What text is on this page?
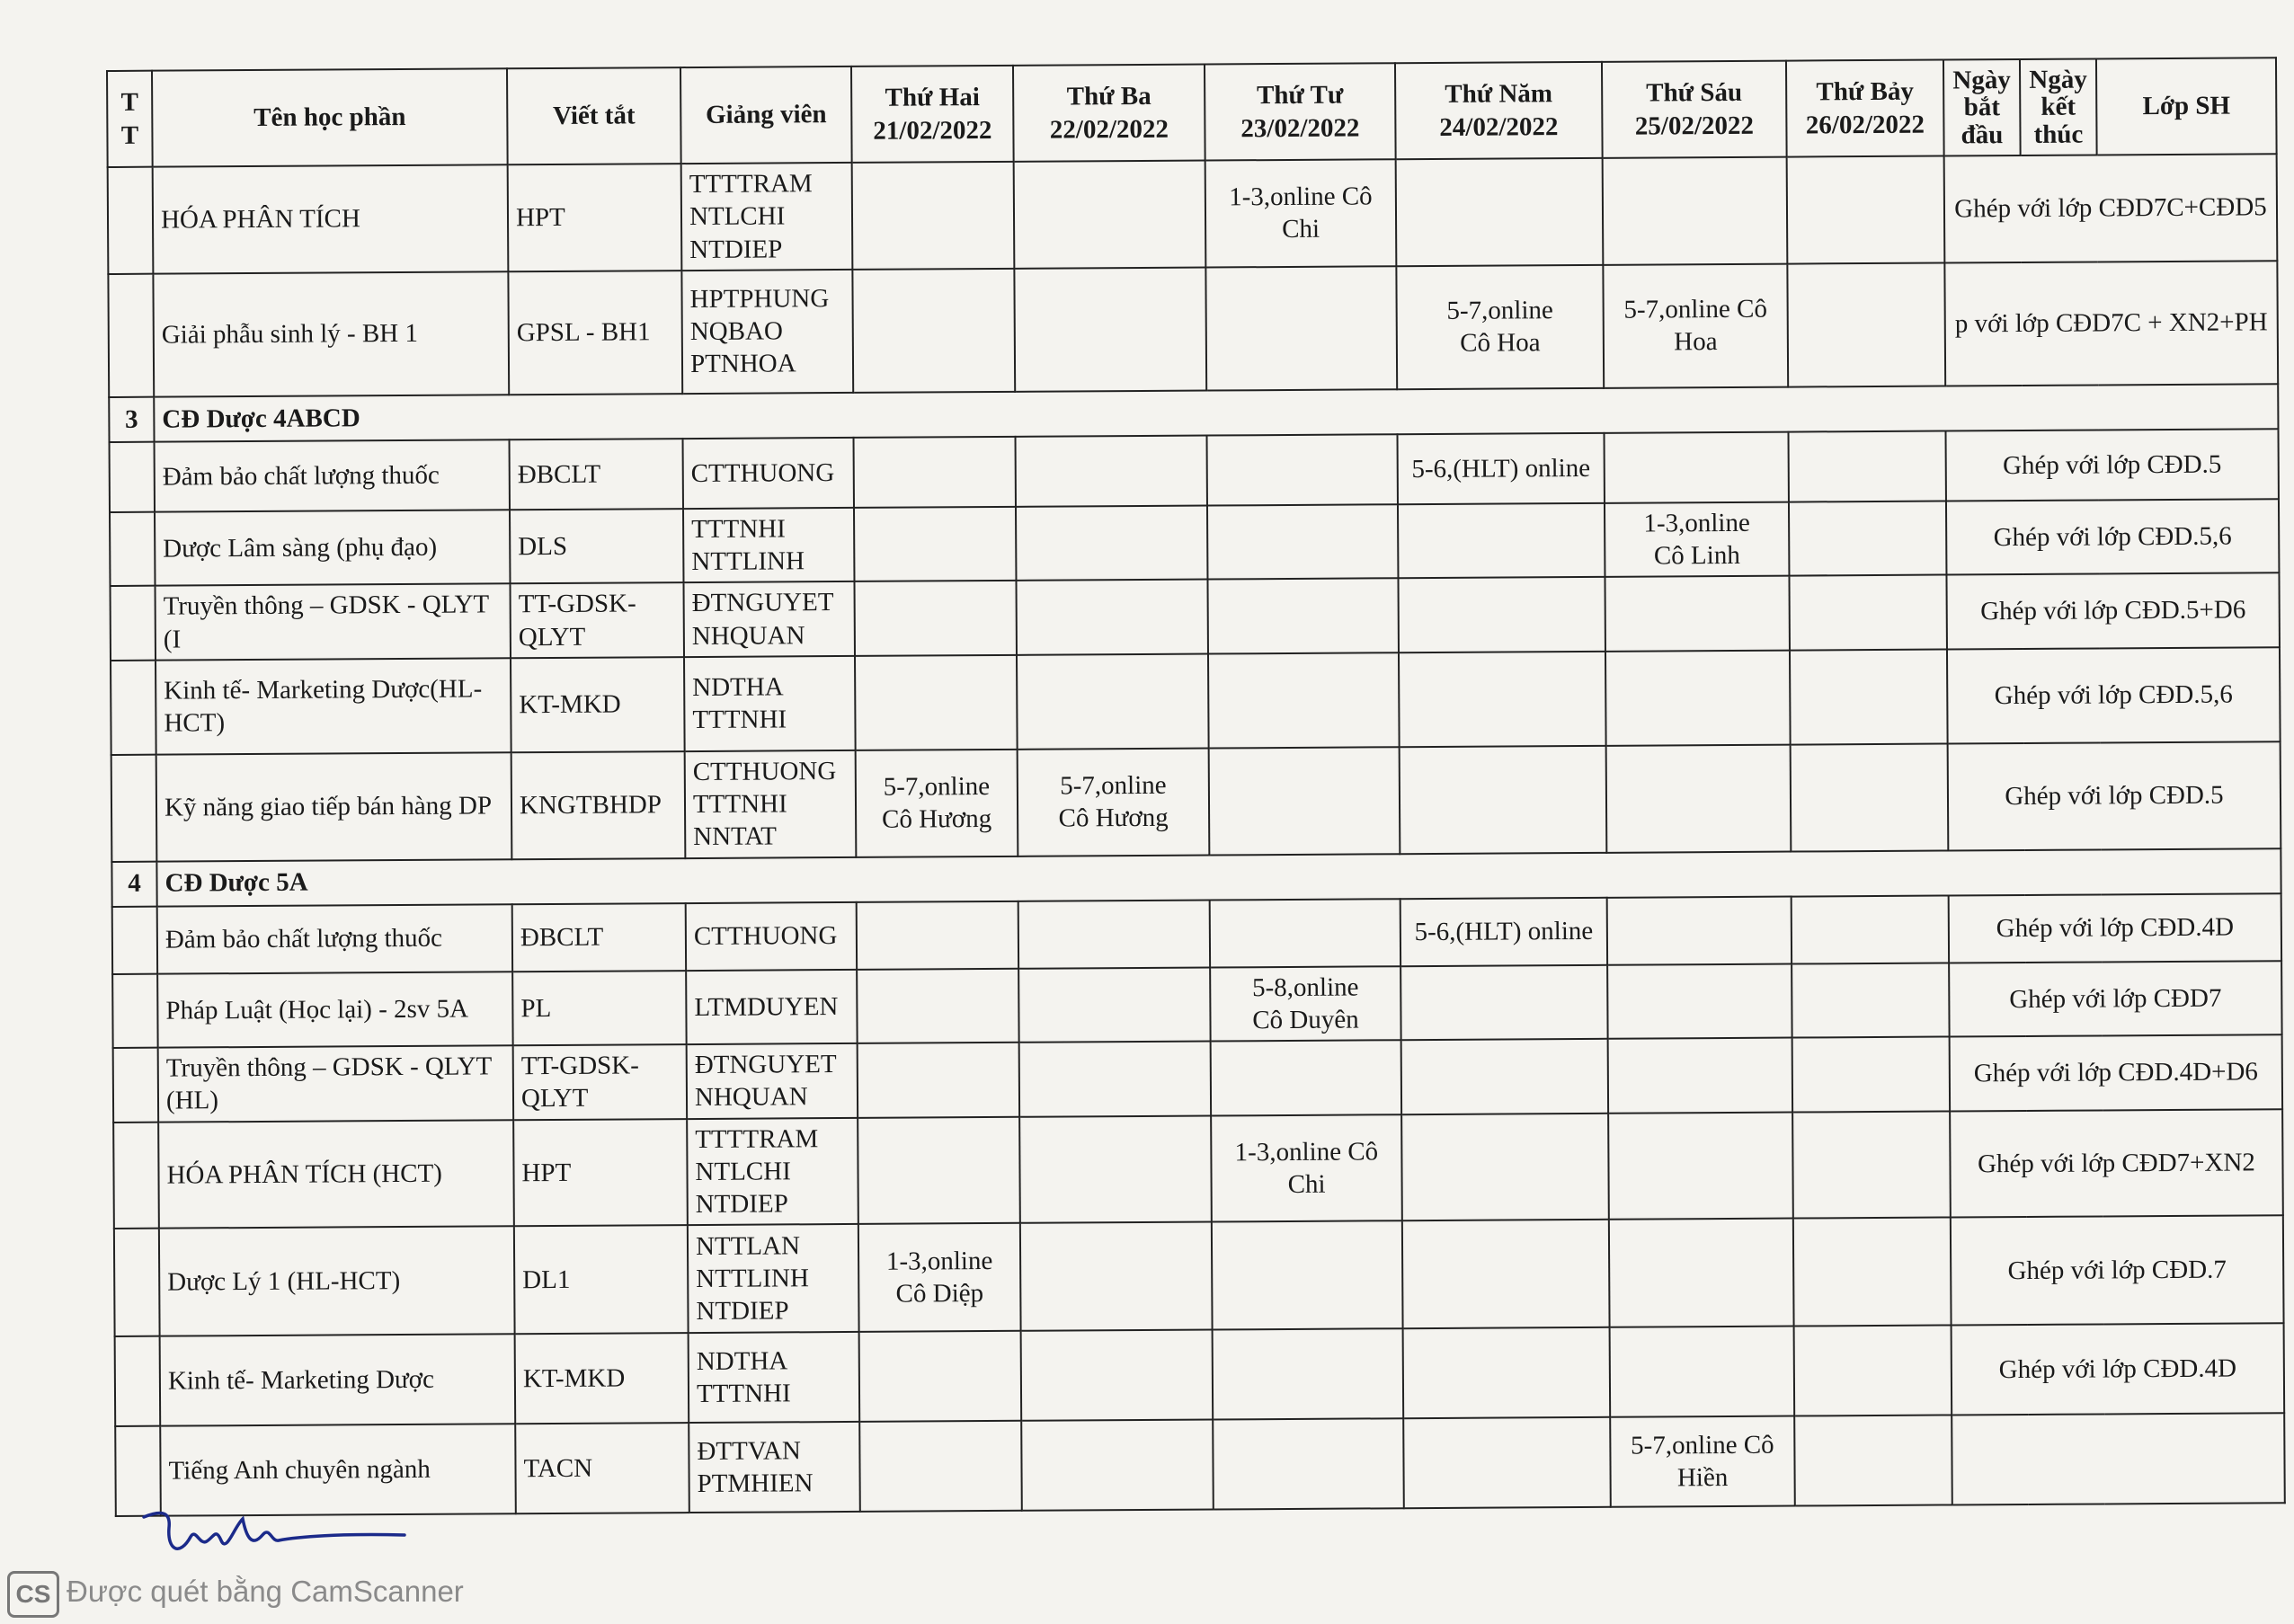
T
T	Tên học phần	Viết tắt	Giảng viên	Thứ Hai
21/02/2022	Thứ Ba
22/02/2022	Thứ Tư
23/02/2022	Thứ Năm
24/02/2022	Thứ Sáu
25/02/2022	Thứ Bảy
26/02/2022	Ngày
bắt
đầu	Ngày
kết
thúc	Lớp SH
	HÓA PHÂN TÍCH	HPT	TTTTRAM
NTLCHI
NTDIEP			1-3,online Cô
Chi				Ghép với lớp CĐD7C+CĐD5		
	Giải phẫu sinh lý - BH 1	GPSL - BH1	HPTPHUNG
NQBAO
PTNHOA				5-7,online
Cô Hoa	5-7,online Cô
Hoa		p với lớp CĐD7C + XN2+PH		
3	CĐ Dược 4ABCD											
	Đảm bảo chất lượng thuốc	ĐBCLT	CTTHUONG				5-6,(HLT) online			Ghép với lớp CĐD.5		
	Dược Lâm sàng (phụ đạo)	DLS	TTTNHI
NTTLINH					1-3,online
Cô Linh		Ghép với lớp CĐD.5,6		
	Truyền thông – GDSK - QLYT (I	TT-GDSK-
QLYT	ĐTNGUYET
NHQUAN							Ghép với lớp CĐD.5+D6		
	Kinh tế- Marketing Dược(HL-
HCT)	KT-MKD	NDTHA
TTTNHI							Ghép với lớp CĐD.5,6		
	Kỹ năng giao tiếp bán hàng DP	KNGTBHDP	CTTHUONG
TTTNHI
NNTAT	5-7,online
Cô Hương	5-7,online
Cô Hương					Ghép với lớp CĐD.5		
4	CĐ Dược 5A											
	Đảm bảo chất lượng thuốc	ĐBCLT	CTTHUONG				5-6,(HLT) online			Ghép với lớp CĐD.4D		
	Pháp Luật (Học lại) - 2sv 5A	PL	LTMDUYEN			5-8,online
Cô Duyên				Ghép với lớp CĐD7		
	Truyền thông – GDSK - QLYT
(HL)	TT-GDSK-
QLYT	ĐTNGUYET
NHQUAN							Ghép với lớp CĐD.4D+D6		
	HÓA PHÂN TÍCH (HCT)	HPT	TTTTRAM
NTLCHI
NTDIEP			1-3,online Cô
Chi				Ghép với lớp CĐD7+XN2		
	Dược Lý 1 (HL-HCT)	DL1	NTTLAN
NTTLINH
NTDIEP	1-3,online
Cô Diệp						Ghép với lớp CĐD.7		
	Kinh tế- Marketing Dược	KT-MKD	NDTHA
TTTNHI							Ghép với lớp CĐD.4D		
	Tiếng Anh chuyên ngành	TACN	ĐTTVAN
PTMHIEN					5-7,online Cô
Hiền				
CS Được quét bằng CamScanner
